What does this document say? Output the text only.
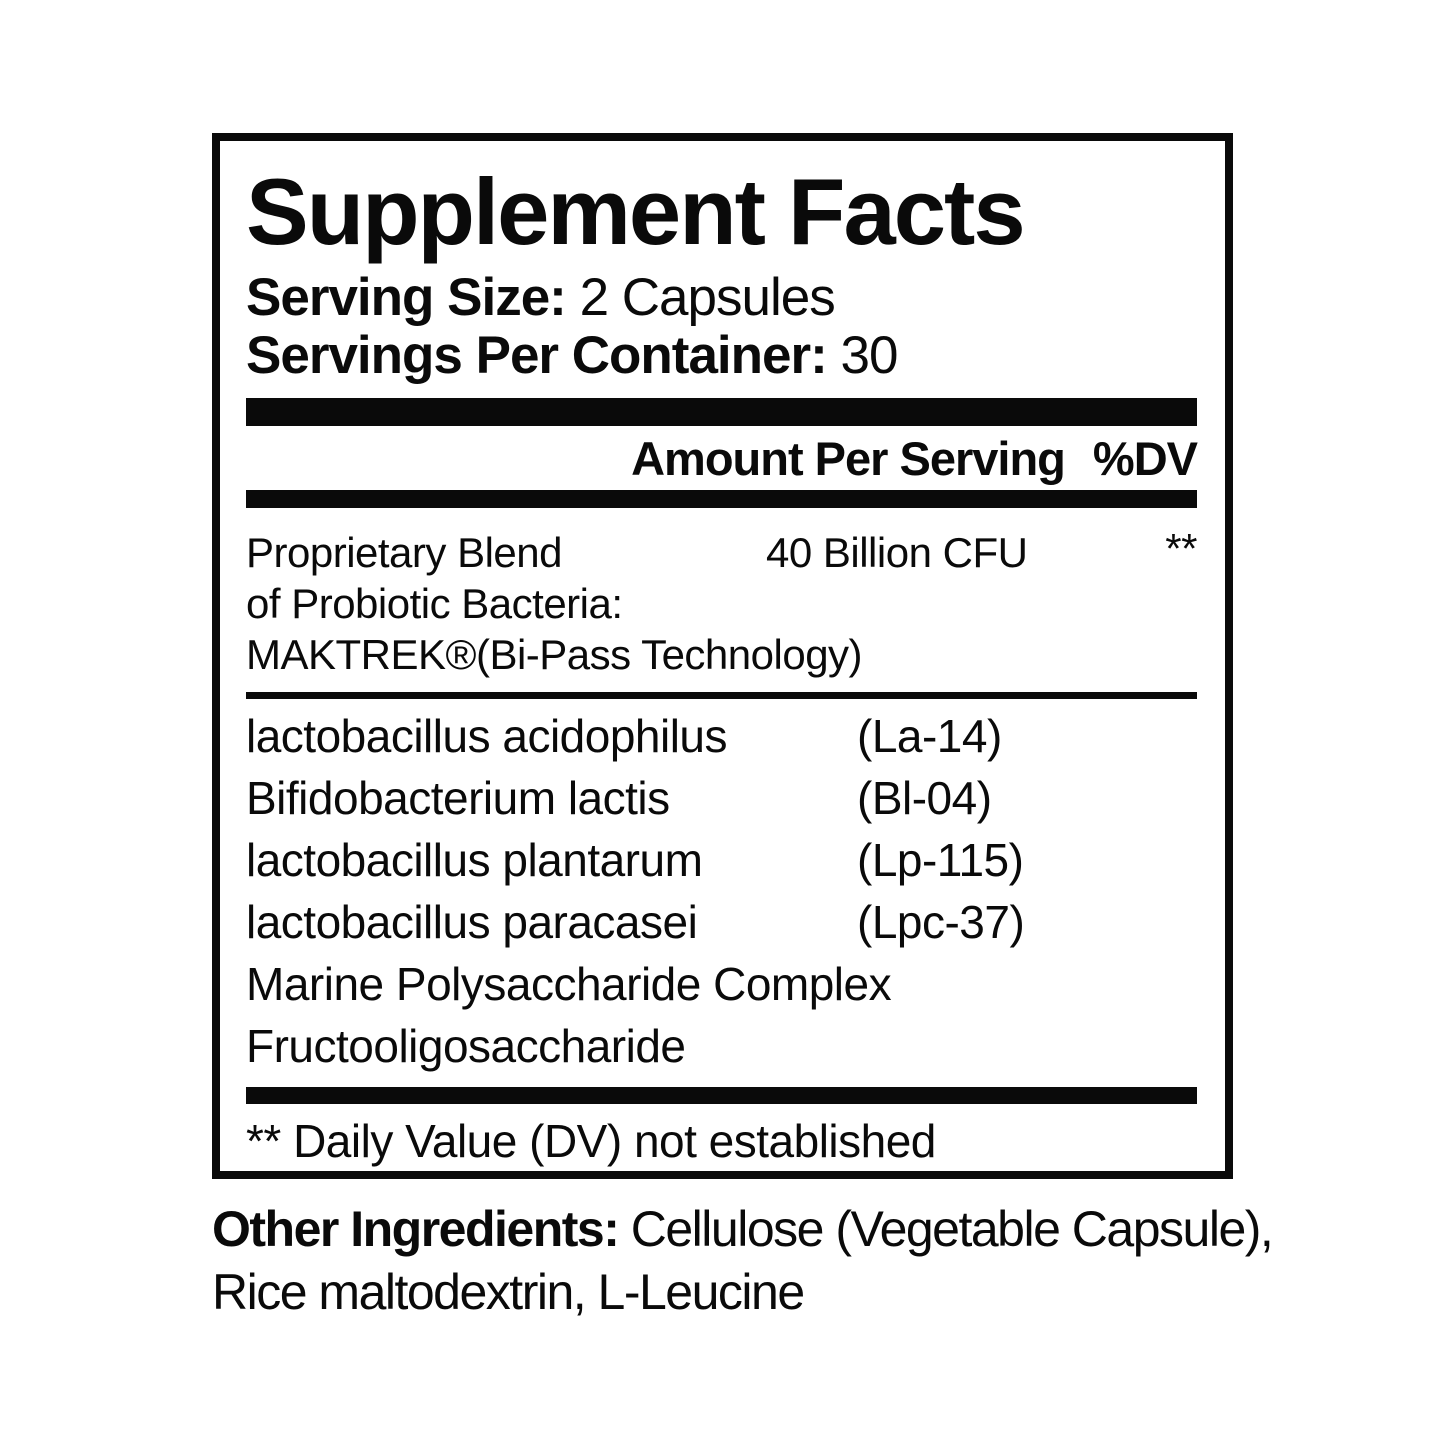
Supplement Facts
Serving Size: 2 Capsules
Servings Per Container: 30
Amount Per Serving %DV
Proprietary Blend	40 Billion CFU	**
of Probiotic Bacteria:
MAKTREK®(Bi-Pass Technology)
lactobacillus acidophilus	(La-14)
Bifidobacterium lactis	(Bl-04)
lactobacillus plantarum	(Lp-115)
lactobacillus paracasei	(Lpc-37)
Marine Polysaccharide Complex
Fructooligosaccharide
** Daily Value (DV) not established
Other Ingredients: Cellulose (Vegetable Capsule),
Rice maltodextrin, L-Leucine
